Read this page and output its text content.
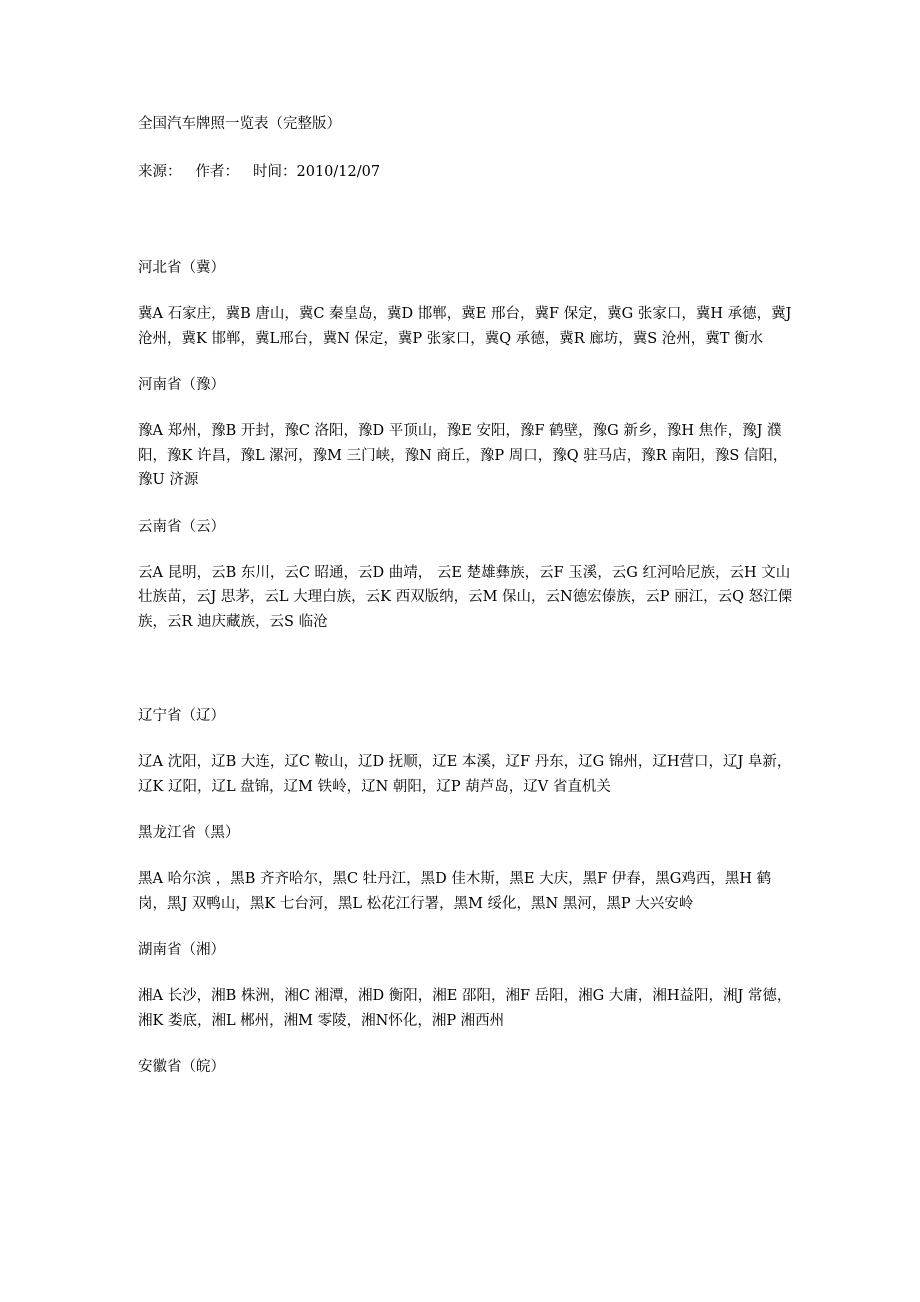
全国汽车牌照一览表（完整版）

来源： 作者： 时间：2010/12/07

河北省（冀）

冀A 石家庄，冀B 唐山，冀C 秦皇岛，冀D 邯郸，冀E 邢台，冀F 保定，冀G 张家口，冀H 承德，冀J 沧州，冀K 邯郸，冀L邢台，冀N 保定，冀P 张家口，冀Q 承德，冀R 廊坊，冀S 沧州，冀T 衡水

河南省（豫）

豫A 郑州，豫B 开封，豫C 洛阳，豫D 平顶山，豫E 安阳，豫F 鹤壁，豫G 新乡，豫H 焦作，豫J 濮阳，豫K 许昌，豫L 漯河，豫M 三门峡，豫N 商丘，豫P 周口，豫Q 驻马店，豫R 南阳，豫S 信阳，豫U 济源

云南省（云）

云A 昆明，云B 东川，云C 昭通，云D 曲靖， 云E 楚雄彝族，云F 玉溪，云G 红河哈尼族，云H 文山壮族苗，云J 思茅，云L 大理白族，云K 西双版纳，云M 保山，云N德宏傣族，云P 丽江，云Q 怒江傈族，云R 迪庆藏族，云S 临沧

辽宁省（辽）

辽A 沈阳，辽B 大连，辽C 鞍山，辽D 抚顺，辽E 本溪，辽F 丹东，辽G 锦州，辽H营口，辽J 阜新，辽K 辽阳，辽L 盘锦，辽M 铁岭，辽N 朝阳，辽P 葫芦岛，辽V 省直机关

黑龙江省（黑）

黑A 哈尔滨 ，黑B 齐齐哈尔，黑C 牡丹江，黑D 佳木斯，黑E 大庆，黑F 伊春，黑G鸡西，黑H 鹤岗，黑J 双鸭山，黑K 七台河，黑L 松花江行署，黑M 绥化，黑N 黑河，黑P 大兴安岭

湖南省（湘）

湘A 长沙，湘B 株洲，湘C 湘潭，湘D 衡阳，湘E 邵阳，湘F 岳阳，湘G 大庸，湘H益阳，湘J 常德，湘K 娄底，湘L 郴州，湘M 零陵，湘N怀化，湘P 湘西州

安徽省（皖）
